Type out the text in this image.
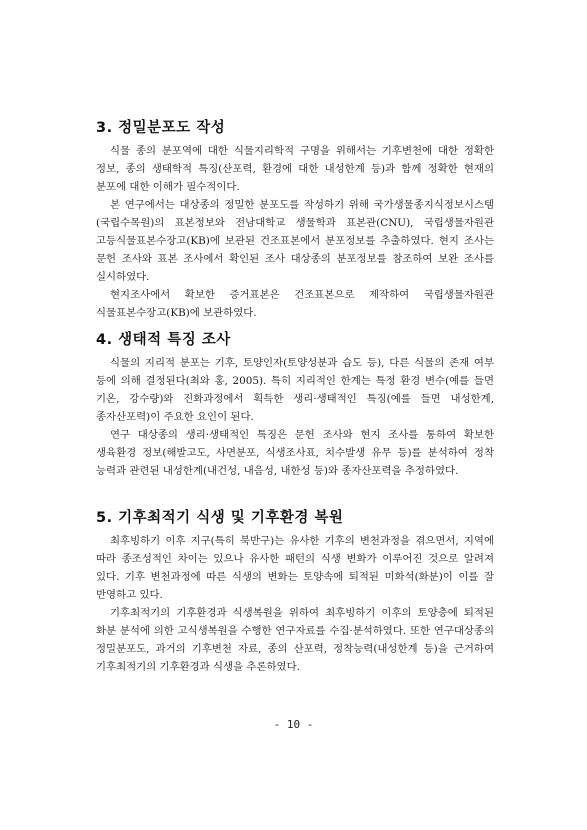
3. 정밀분포도 작성

식물 종의 분포역에 대한 식물지리학적 구명을 위해서는 기후변천에 대한 정확한 정보, 종의 생태학적 특징(산포력, 환경에 대한 내성한계 등)과 함께 정확한 현재의 분포에 대한 이해가 필수적이다.

본 연구에서는 대상종의 정밀한 분포도를 작성하기 위해 국가생물종지식정보시스템(국립수목원)의 표본정보와 전남대학교 생물학과 표본관(CNU), 국립생물자원관 고등식물표본수장고(KB)에 보관된 건조표본에서 분포정보를 추출하였다. 현지 조사는 문헌 조사와 표본 조사에서 확인된 조사 대상종의 분포정보를 참조하여 보완 조사를 실시하였다.

현지조사에서 확보한 증거표본은 건조표본으로 제작하여 국립생물자원관 식물표본수장고(KB)에 보관하였다.

4. 생태적 특징 조사

식물의 지리적 분포는 기후, 토양인자(토양성분과 습도 등), 다른 식물의 존재 여부 등에 의해 결정된다(최와 홍, 2005). 특히 지리적인 한계는 특정 환경 변수(예를 들면 기온, 강수량)와 진화과정에서 획득한 생리·생태적인 특징(예를 들면 내성한계, 종자산포력)이 주요한 요인이 된다.

연구 대상종의 생리·생태적인 특징은 문헌 조사와 현지 조사를 통하여 확보한 생육환경 정보(해발고도, 사면분포, 식생조사표, 치수발생 유무 등)를 분석하여 정착 능력과 관련된 내성한계(내건성, 내음성, 내한성 등)와 종자산포력을 추정하였다.

5. 기후최적기 식생 및 기후환경 복원

최후빙하기 이후 지구(특히 북반구)는 유사한 기후의 변천과정을 겪으면서, 지역에 따라 종조성적인 차이는 있으나 유사한 패턴의 식생 변화가 이루어진 것으로 알려져 있다. 기후 변천과정에 따른 식생의 변화는 토양속에 퇴적된 미화석(화분)이 이를 잘 반영하고 있다.

기후최적기의 기후환경과 식생복원을 위하여 최후빙하기 이후의 토양층에 퇴적된 화분 분석에 의한 고식생복원을 수행한 연구자료를 수집·분석하였다. 또한 연구대상종의 정밀분포도, 과거의 기후변천 자료, 종의 산포력, 정착능력(내성한계 등)을 근거하여 기후최적기의 기후환경과 식생을 추론하였다.

- 10 -
